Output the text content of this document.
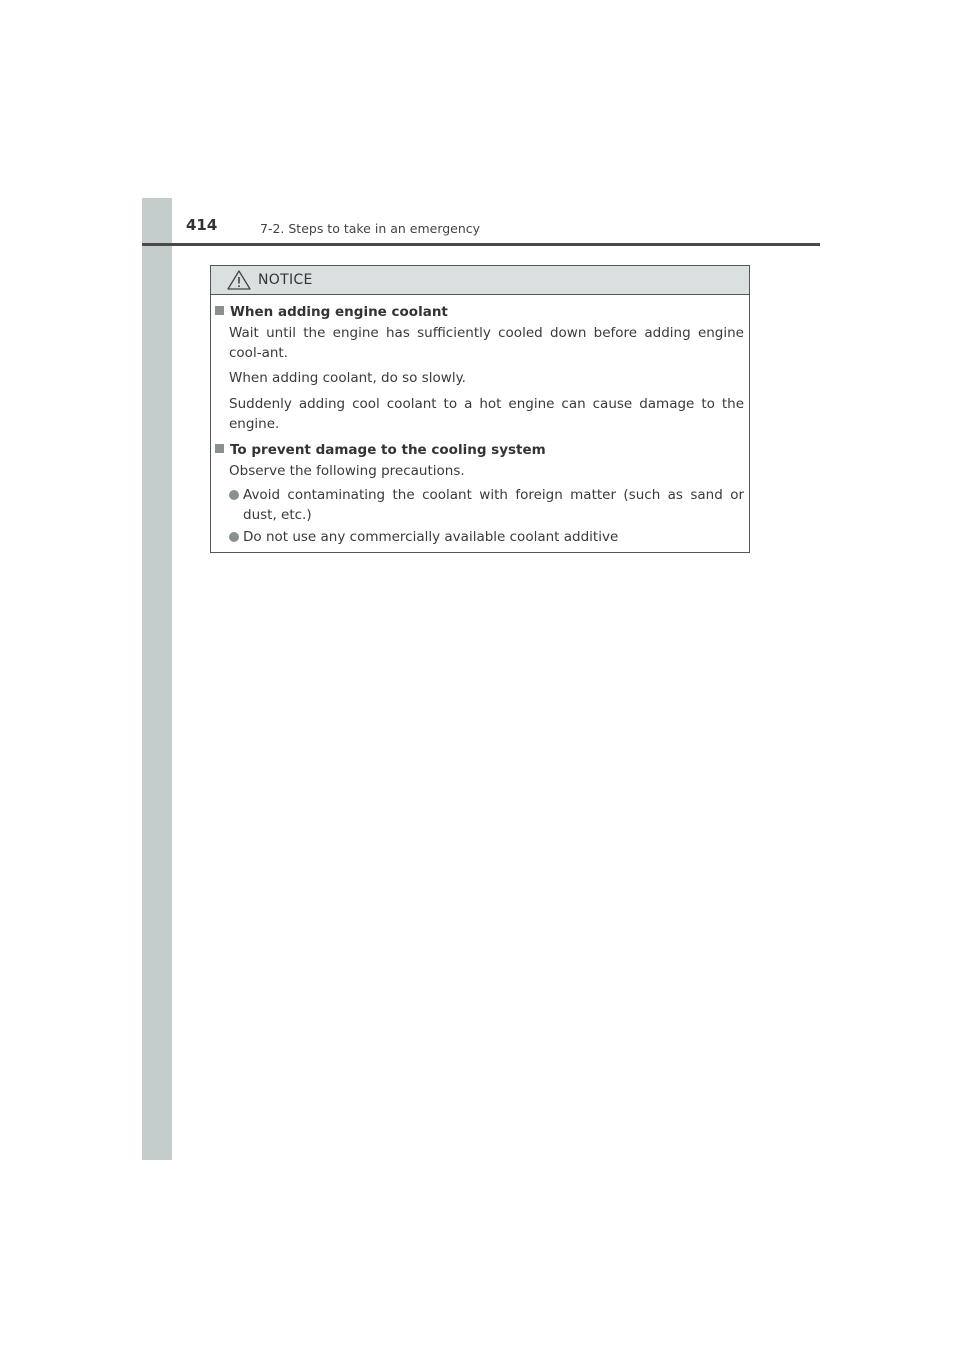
414	7-2. Steps to take in an emergency
NOTICE
When adding engine coolant
Wait until the engine has sufficiently cooled down before adding engine cool-ant.
When adding coolant, do so slowly.
Suddenly adding cool coolant to a hot engine can cause damage to the engine.
To prevent damage to the cooling system
Observe the following precautions.
Avoid contaminating the coolant with foreign matter (such as sand or dust, etc.)
Do not use any commercially available coolant additive
